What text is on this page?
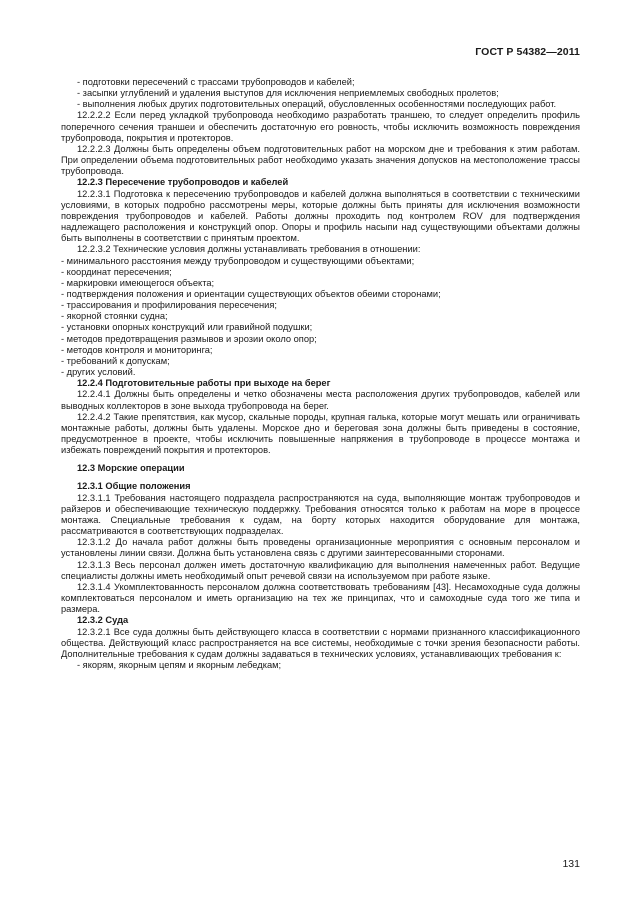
ГОСТ Р 54382—2011

- подготовки пересечений с трассами трубопроводов и кабелей;

- засыпки углублений и удаления выступов для исключения неприемлемых свободных пролетов;

- выполнения любых других подготовительных операций, обусловленных особенностями последующих работ.

12.2.2.2 Если перед укладкой трубопровода необходимо разработать траншею, то следует определить профиль поперечного сечения траншеи и обеспечить достаточную его ровность, чтобы исключить возможность повреждения трубопровода, покрытия и протекторов.

12.2.2.3 Должны быть определены объем подготовительных работ на морском дне и требования к этим работам. При определении объема подготовительных работ необходимо указать значения допусков на местоположение трассы трубопровода.

12.2.3 Пересечение трубопроводов и кабелей

12.2.3.1 Подготовка к пересечению трубопроводов и кабелей должна выполняться в соответствии с техническими условиями, в которых подробно рассмотрены меры, которые должны быть приняты для исключения возможности повреждения трубопроводов и кабелей. Работы должны проходить под контролем ROV для подтверждения надлежащего расположения и конструкций опор. Опоры и профиль насыпи над существующими объектами должны быть выполнены в соответствии с принятым проектом.

12.2.3.2 Технические условия должны устанавливать требования в отношении:

- минимального расстояния между трубопроводом и существующими объектами;

- координат пересечения;

- маркировки имеющегося объекта;

- подтверждения положения и ориентации существующих объектов обеими сторонами;

- трассирования и профилирования пересечения;

- якорной стоянки судна;

- установки опорных конструкций или гравийной подушки;

- методов предотвращения размывов и эрозии около опор;

- методов контроля и мониторинга;

- требований к допускам;

- других условий.

12.2.4 Подготовительные работы при выходе на берег

12.2.4.1 Должны быть определены и четко обозначены места расположения других трубопроводов, кабелей или выводных коллекторов в зоне выхода трубопровода на берег.

12.2.4.2 Такие препятствия, как мусор, скальные породы, крупная галька, которые могут мешать или ограничивать монтажные работы, должны быть удалены. Морское дно и береговая зона должны быть приведены в состояние, предусмотренное в проекте, чтобы исключить повышенные напряжения в трубопроводе в процессе монтажа и избежать повреждений покрытия и протекторов.

12.3 Морские операции

12.3.1 Общие положения

12.3.1.1 Требования настоящего подраздела распространяются на суда, выполняющие монтаж трубопроводов и райзеров и обеспечивающие техническую поддержку. Требования относятся только к работам на море в процессе монтажа. Специальные требования к судам, на борту которых находится оборудование для монтажа, рассматриваются в соответствующих подразделах.

12.3.1.2 До начала работ должны быть проведены организационные мероприятия с основным персоналом и установлены линии связи. Должна быть установлена связь с другими заинтересованными сторонами.

12.3.1.3 Весь персонал должен иметь достаточную квалификацию для выполнения намеченных работ. Ведущие специалисты должны иметь необходимый опыт речевой связи на используемом при работе языке.

12.3.1.4 Укомплектованность персоналом должна соответствовать требованиям [43]. Несамоходные суда должны комплектоваться персоналом и иметь организацию на тех же принципах, что и самоходные суда того же типа и размера.

12.3.2 Суда

12.3.2.1 Все суда должны быть действующего класса в соответствии с нормами признанного классификационного общества. Действующий класс распространяется на все системы, необходимые с точки зрения безопасности работы. Дополнительные требования к судам должны задаваться в технических условиях, устанавливающих требования к:

- якорям, якорным цепям и якорным лебедкам;

131
